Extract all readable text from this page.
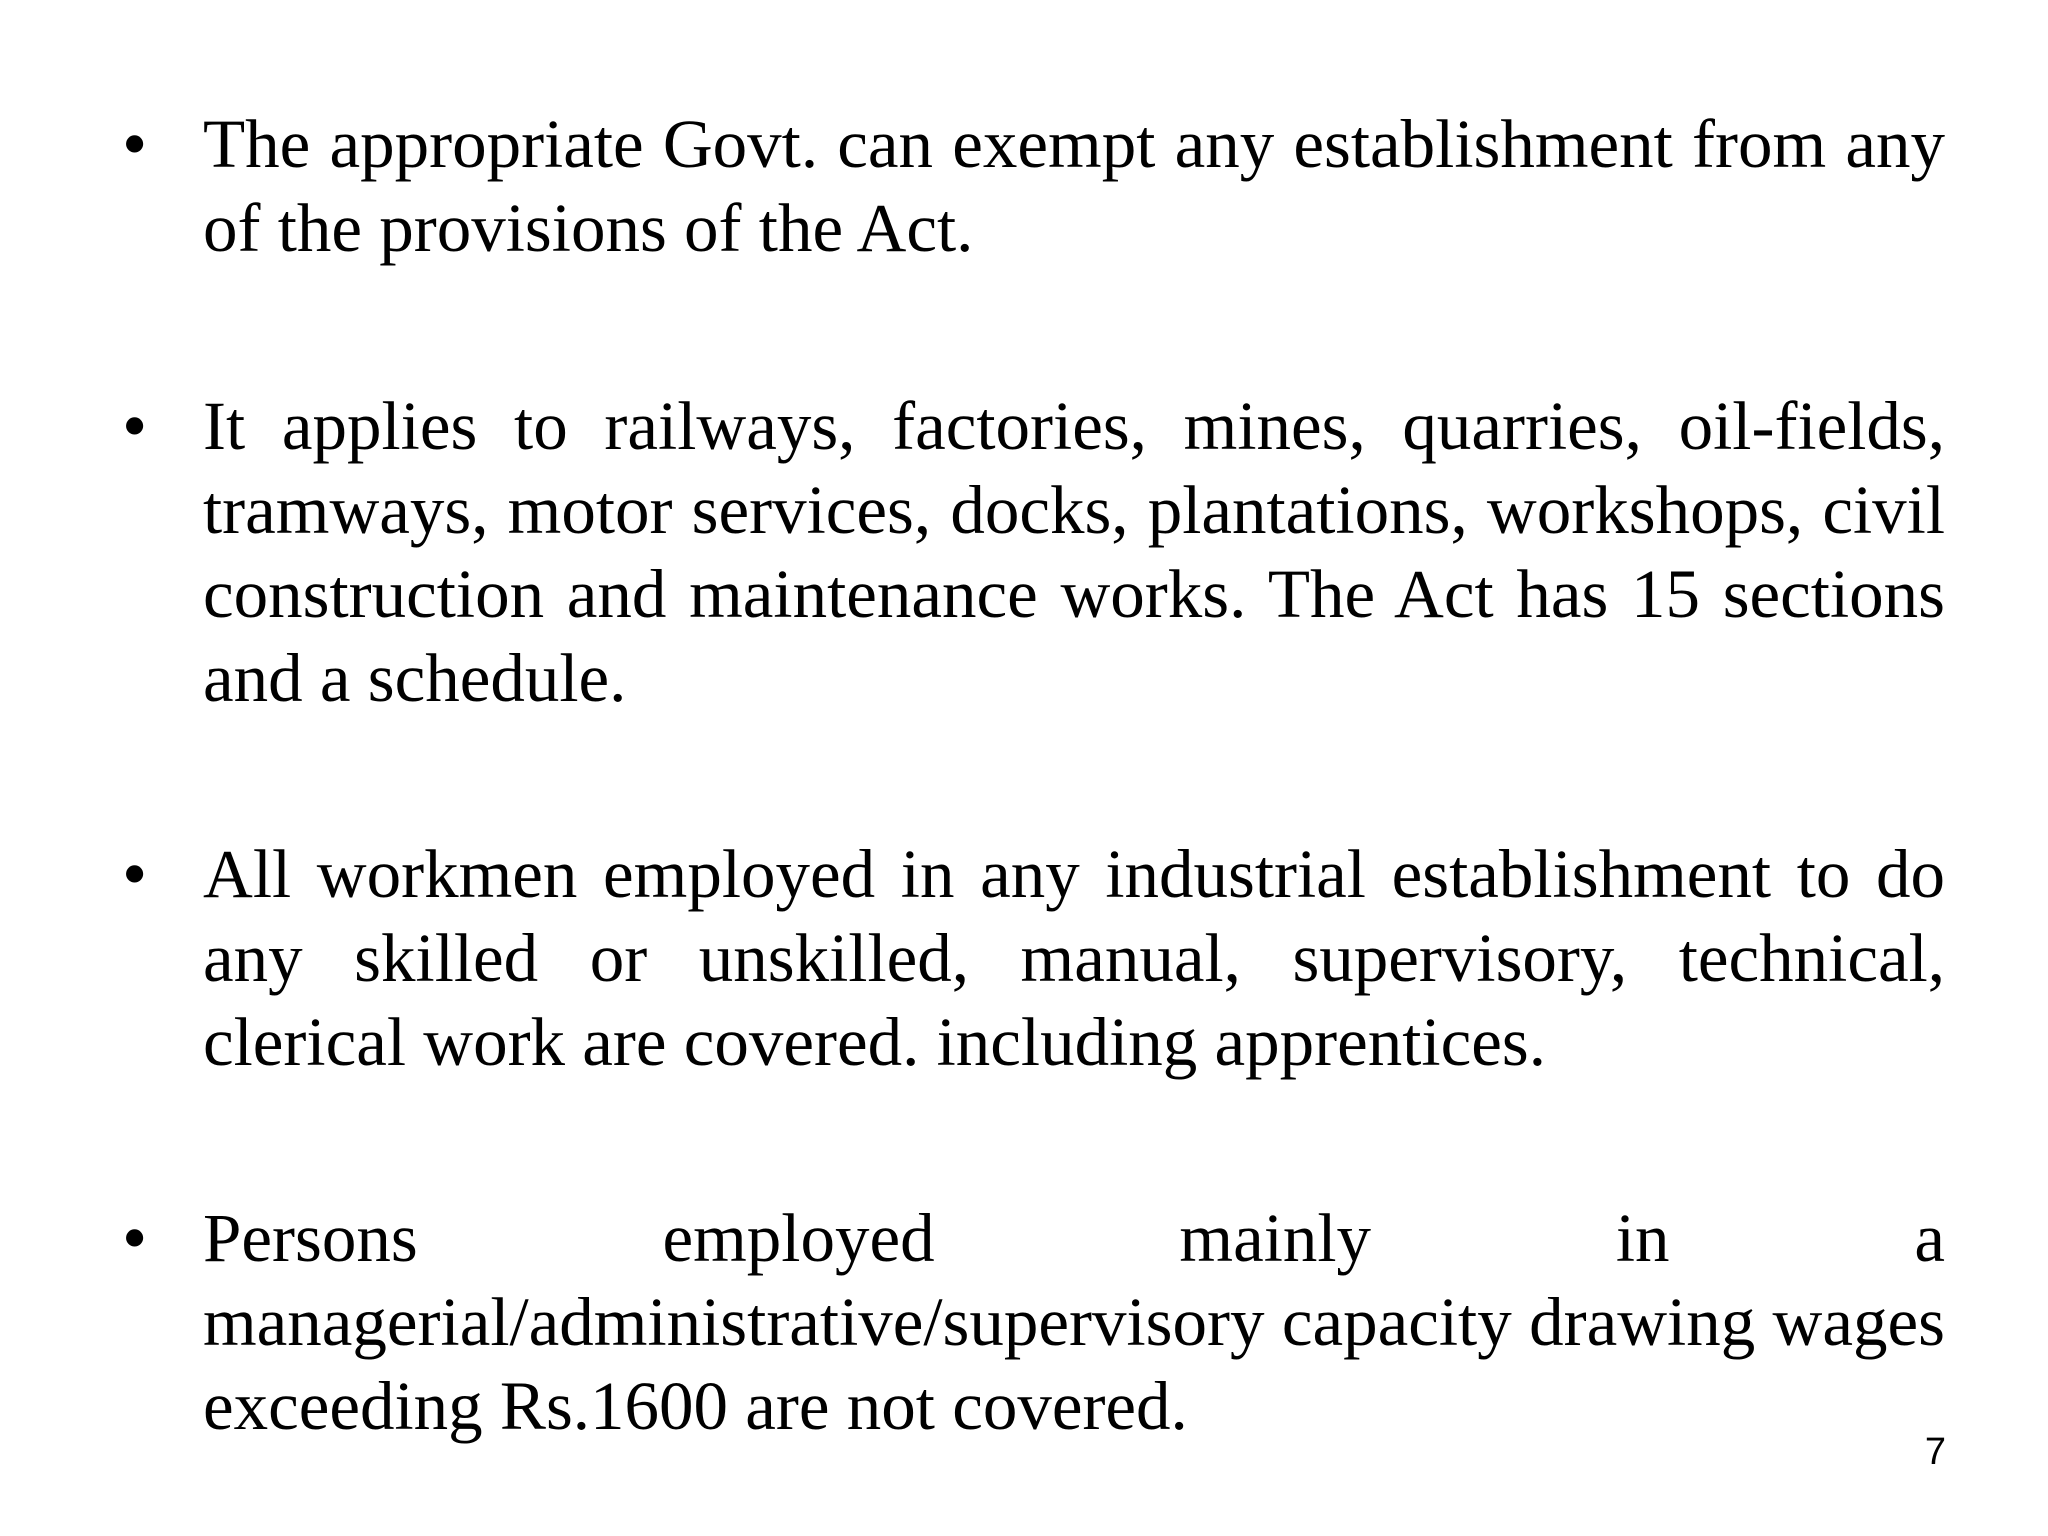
• The appropriate Govt. can exempt any establishment from any of the provisions of the Act.

• It applies to railways, factories, mines, quarries, oil-fields, tramways, motor services, docks, plantations, workshops, civil construction and maintenance works. The Act has 15 sections and a schedule.

• All workmen employed in any industrial establishment to do any skilled or unskilled, manual, supervisory, technical, clerical work are covered. including apprentices.

• Persons employed mainly in a
managerial/administrative/supervisory capacity drawing wages exceeding Rs.1600 are not covered.

7
